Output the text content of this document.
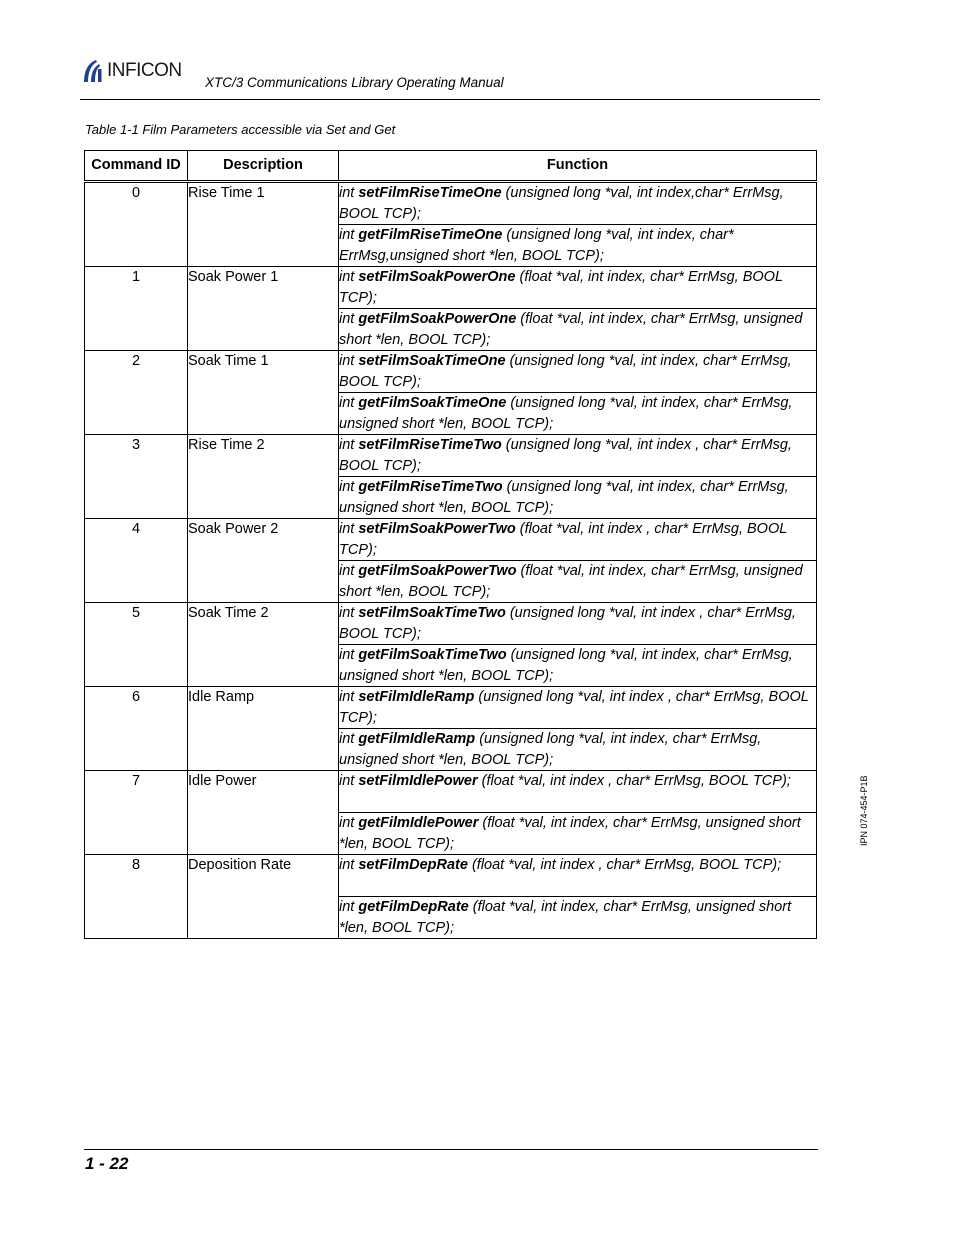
INFICON
XTC/3 Communications Library Operating Manual
Table 1-1 Film Parameters accessible via Set and Get
Command ID	Description	Function
0	Rise Time 1	int setFilmRiseTimeOne (unsigned long *val, int index,char* ErrMsg, BOOL TCP);
		int getFilmRiseTimeOne (unsigned long *val, int index, char* ErrMsg,unsigned short *len, BOOL TCP);
1	Soak Power 1	int setFilmSoakPowerOne (float *val, int index, char* ErrMsg, BOOL TCP);
		int getFilmSoakPowerOne (float *val, int index, char* ErrMsg, unsigned short *len, BOOL TCP);
2	Soak Time 1	int setFilmSoakTimeOne (unsigned long *val, int index, char* ErrMsg, BOOL TCP);
		int getFilmSoakTimeOne (unsigned long *val, int index, char* ErrMsg, unsigned short *len, BOOL TCP);
3	Rise Time 2	int setFilmRiseTimeTwo (unsigned long *val, int index , char* ErrMsg, BOOL TCP);
		int getFilmRiseTimeTwo (unsigned long *val, int index, char* ErrMsg, unsigned short *len, BOOL TCP);
4	Soak Power 2	int setFilmSoakPowerTwo (float *val, int index , char* ErrMsg, BOOL TCP);
		int getFilmSoakPowerTwo (float *val, int index, char* ErrMsg, unsigned short *len, BOOL TCP);
5	Soak Time 2	int setFilmSoakTimeTwo (unsigned long *val, int index , char* ErrMsg, BOOL TCP);
		int getFilmSoakTimeTwo (unsigned long *val, int index, char* ErrMsg, unsigned short *len, BOOL TCP);
6	Idle Ramp	int setFilmIdleRamp (unsigned long *val, int index , char* ErrMsg, BOOL TCP);
		int getFilmIdleRamp (unsigned long *val, int index, char* ErrMsg, unsigned short *len, BOOL TCP);
7	Idle Power	int setFilmIdlePower (float *val, int index , char* ErrMsg, BOOL TCP);
		int getFilmIdlePower (float *val, int index, char* ErrMsg, unsigned short *len, BOOL TCP);
8	Deposition Rate	int setFilmDepRate (float *val, int index , char* ErrMsg, BOOL TCP);
		int getFilmDepRate (float *val, int index, char* ErrMsg, unsigned short *len, BOOL TCP);
IPN 074-454-P1B
1 - 22
